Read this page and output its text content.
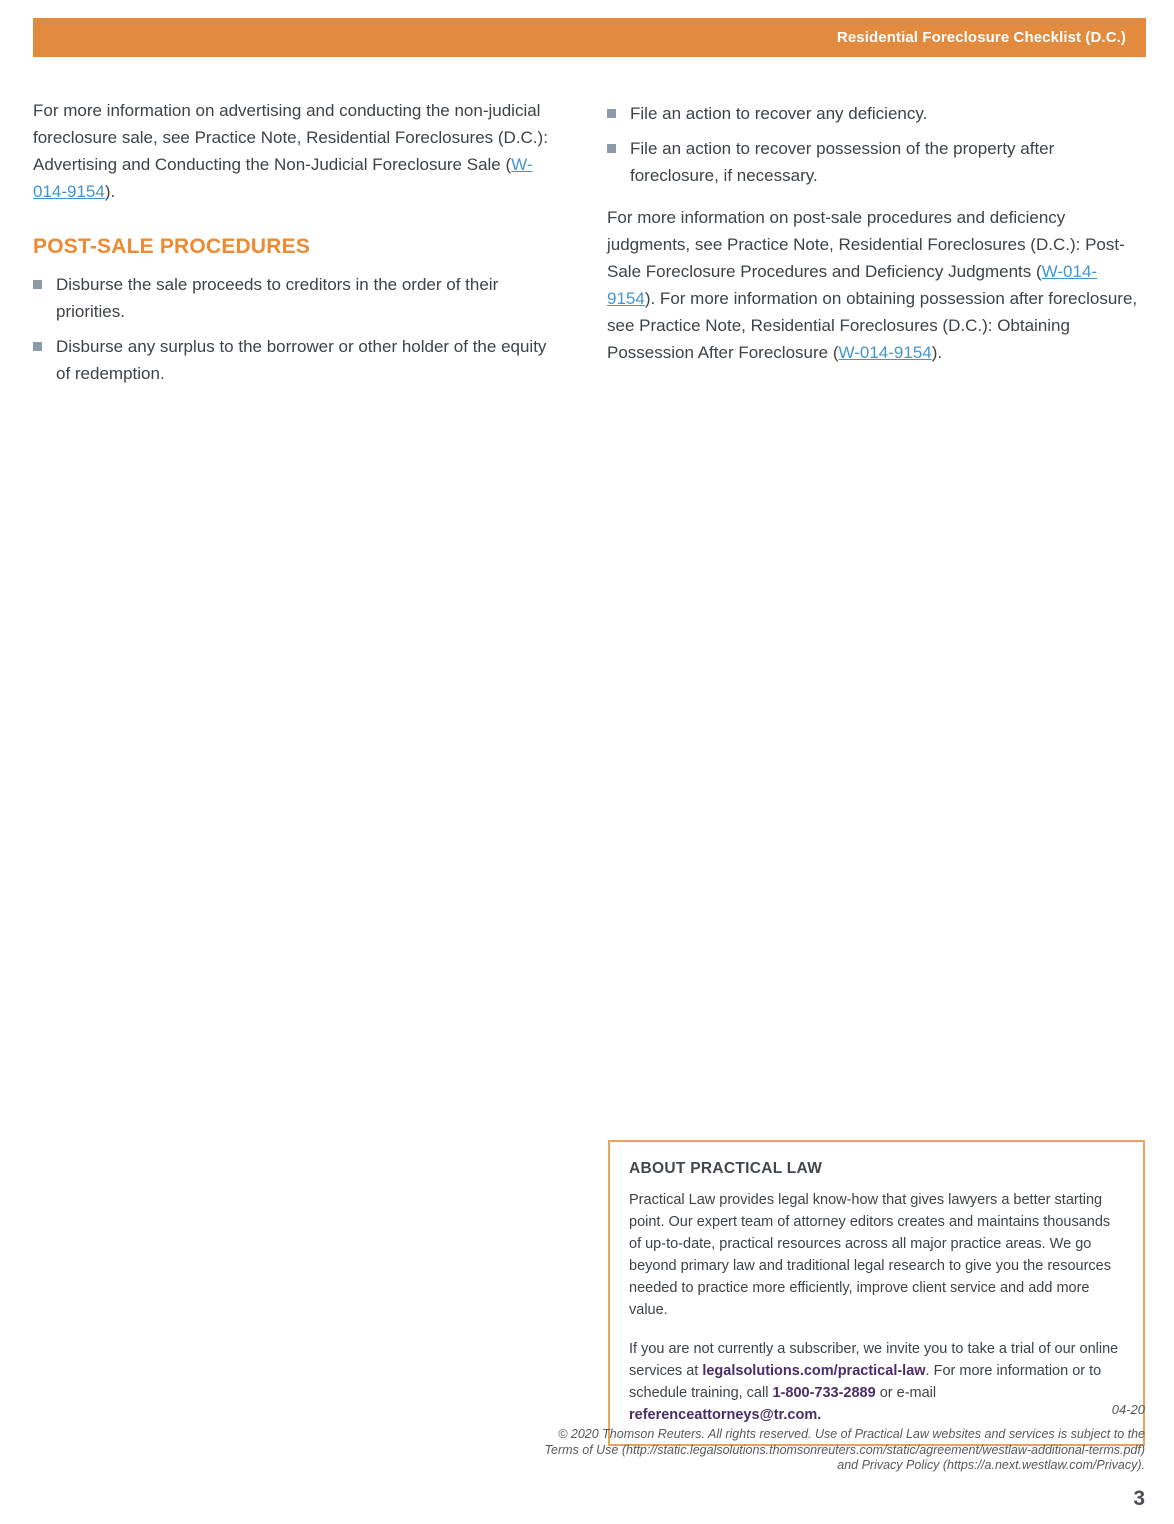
Residential Foreclosure Checklist (D.C.)

For more information on advertising and conducting the non-judicial foreclosure sale, see Practice Note, Residential Foreclosures (D.C.): Advertising and Conducting the Non-Judicial Foreclosure Sale (W-014-9154).

POST-SALE PROCEDURES
Disburse the sale proceeds to creditors in the order of their priorities.
Disburse any surplus to the borrower or other holder of the equity of redemption.
File an action to recover any deficiency.
File an action to recover possession of the property after foreclosure, if necessary.

For more information on post-sale procedures and deficiency judgments, see Practice Note, Residential Foreclosures (D.C.): Post-Sale Foreclosure Procedures and Deficiency Judgments (W-014-9154). For more information on obtaining possession after foreclosure, see Practice Note, Residential Foreclosures (D.C.): Obtaining Possession After Foreclosure (W-014-9154).

ABOUT PRACTICAL LAW

Practical Law provides legal know-how that gives lawyers a better starting point. Our expert team of attorney editors creates and maintains thousands of up-to-date, practical resources across all major practice areas. We go beyond primary law and traditional legal research to give you the resources needed to practice more efficiently, improve client service and add more value.

If you are not currently a subscriber, we invite you to take a trial of our online services at legalsolutions.com/practical-law. For more information or to schedule training, call 1-800-733-2889 or e-mail referenceattorneys@tr.com.	04-20
© 2020 Thomson Reuters. All rights reserved. Use of Practical Law websites and services is subject to the
Terms of Use (http://static.legalsolutions.thomsonreuters.com/static/agreement/westlaw-additional-terms.pdf)
and Privacy Policy (https://a.next.westlaw.com/Privacy).
3
